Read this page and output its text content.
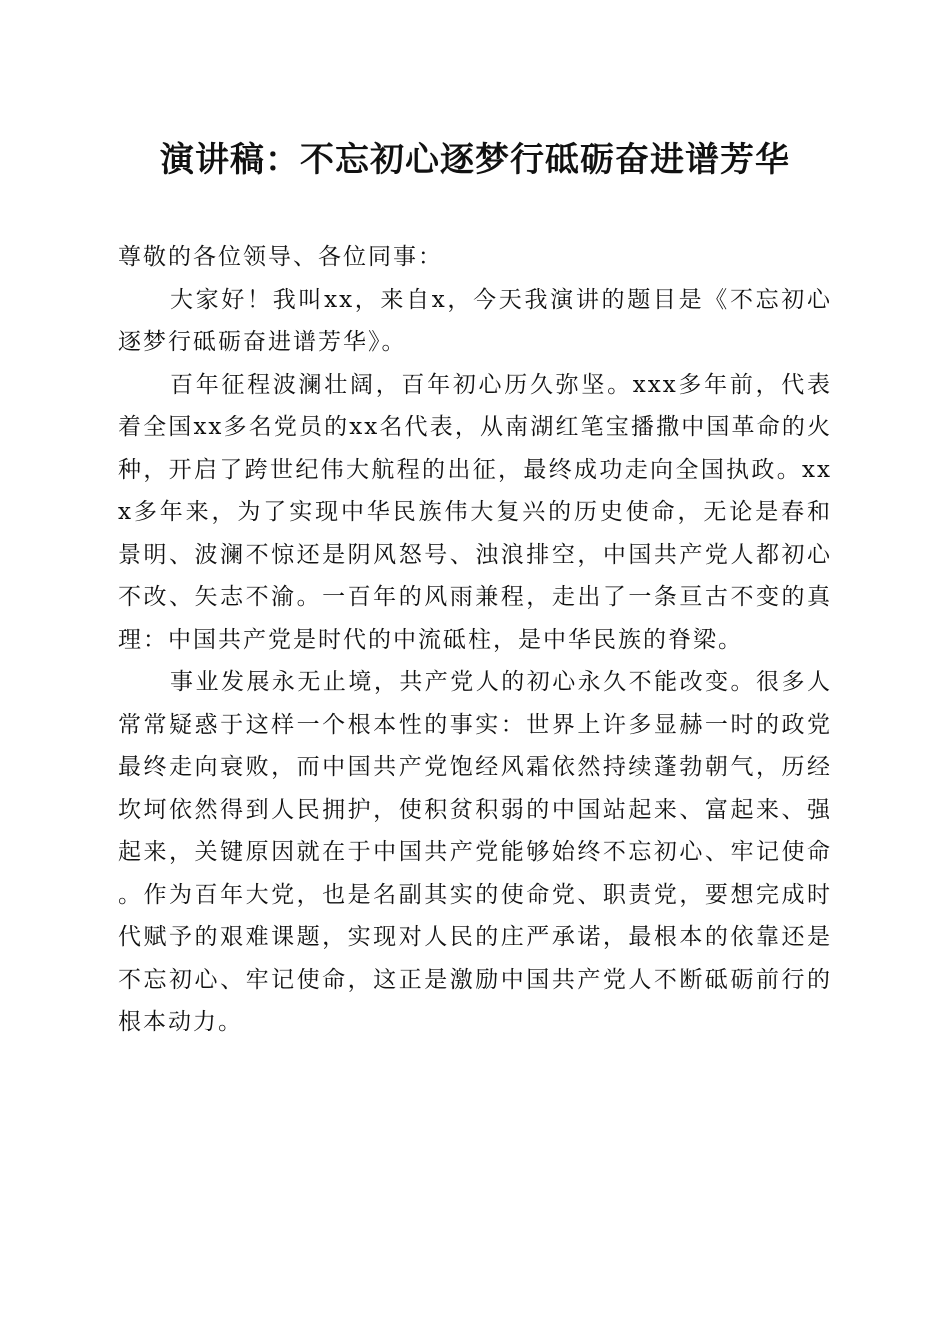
演讲稿：不忘初心逐梦行砥砺奋进谱芳华

尊敬的各位领导、各位同事：

大家好！我叫xx，来自x，今天我演讲的题目是《不忘初心逐梦行砥砺奋进谱芳华》。

百年征程波澜壮阔，百年初心历久弥坚。xxx多年前，代表着全国xx多名党员的xx名代表，从南湖红笔宝播撒中国革命的火种，开启了跨世纪伟大航程的出征，最终成功走向全国执政。xxx多年来，为了实现中华民族伟大复兴的历史使命，无论是春和景明、波澜不惊还是阴风怒号、浊浪排空，中国共产党人都初心不改、矢志不渝。一百年的风雨兼程，走出了一条亘古不变的真理：中国共产党是时代的中流砥柱，是中华民族的脊梁。

事业发展永无止境，共产党人的初心永久不能改变。很多人常常疑惑于这样一个根本性的事实：世界上许多显赫一时的政党最终走向衰败，而中国共产党饱经风霜依然持续蓬勃朝气，历经坎坷依然得到人民拥护，使积贫积弱的中国站起来、富起来、强起来，关键原因就在于中国共产党能够始终不忘初心、牢记使命。作为百年大党，也是名副其实的使命党、职责党，要想完成时代赋予的艰难课题，实现对人民的庄严承诺，最根本的依靠还是不忘初心、牢记使命，这正是激励中国共产党人不断砥砺前行的根本动力。
